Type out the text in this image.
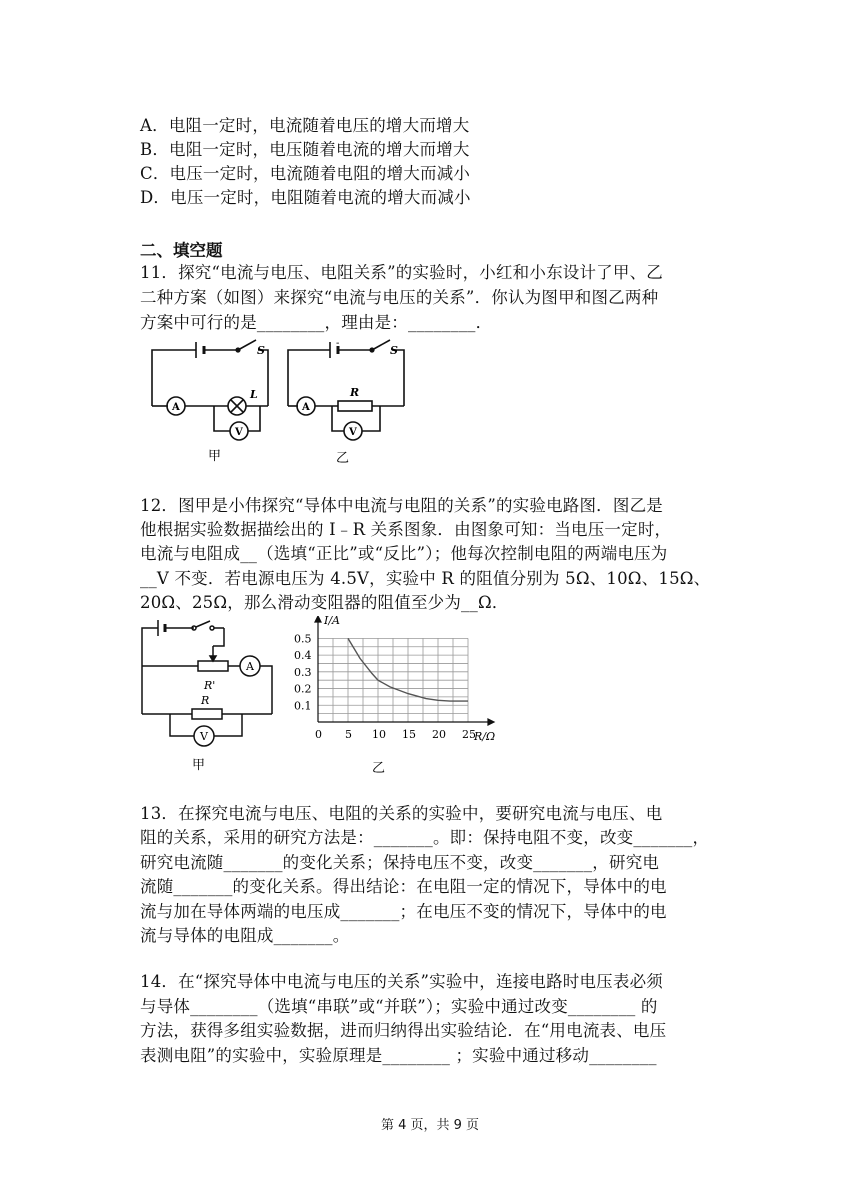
A．电阻一定时，电流随着电压的增大而增大
B．电阻一定时，电压随着电流的增大而增大
C．电压一定时，电流随着电阻的增大而减小
D．电压一定时，电阻随着电流的增大而减小
二、填空题
11．探究“电流与电压、电阻关系”的实验时，小红和小东设计了甲、乙
二种方案（如图）来探究“电流与电压的关系”．你认为图甲和图乙两种
方案中可行的是________，理由是：________．
S
A
L
V
甲
-
S
A
R
V
乙
12．图甲是小伟探究“导体中电流与电阻的关系”的实验电路图．图乙是
他根据实验数据描绘出的 I﹣R 关系图象．由图象可知：当电压一定时，
电流与电阻成__（选填“正比”或“反比”）；他每次控制电阻的两端电压为
__V 不变．若电源电压为 4.5V，实验中 R 的阻值分别为 5Ω、10Ω、15Ω、
20Ω、25Ω，那么滑动变阻器的阻值至少为__Ω．
R'
A
R
V
甲
0 5 10 15 20 25
0.1
0.2
0.3
0.4
0.5
I/A
R/Ω
乙
13．在探究电流与电压、电阻的关系的实验中，要研究电流与电压、电
阻的关系，采用的研究方法是：_______。即：保持电阻不变，改变_______，
研究电流随_______的变化关系；保持电压不变，改变_______，研究电
流随_______的变化关系。得出结论：在电阻一定的情况下，导体中的电
流与加在导体两端的电压成_______；在电压不变的情况下，导体中的电
流与导体的电阻成_______。
14．在“探究导体中电流与电压的关系”实验中，连接电路时电压表必须
与导体________（选填“串联”或“并联”）；实验中通过改变________ 的
方法，获得多组实验数据，进而归纳得出实验结论．在“用电流表、电压
表测电阻”的实验中，实验原理是________ ；实验中通过移动________
第 4 页，共 9 页
